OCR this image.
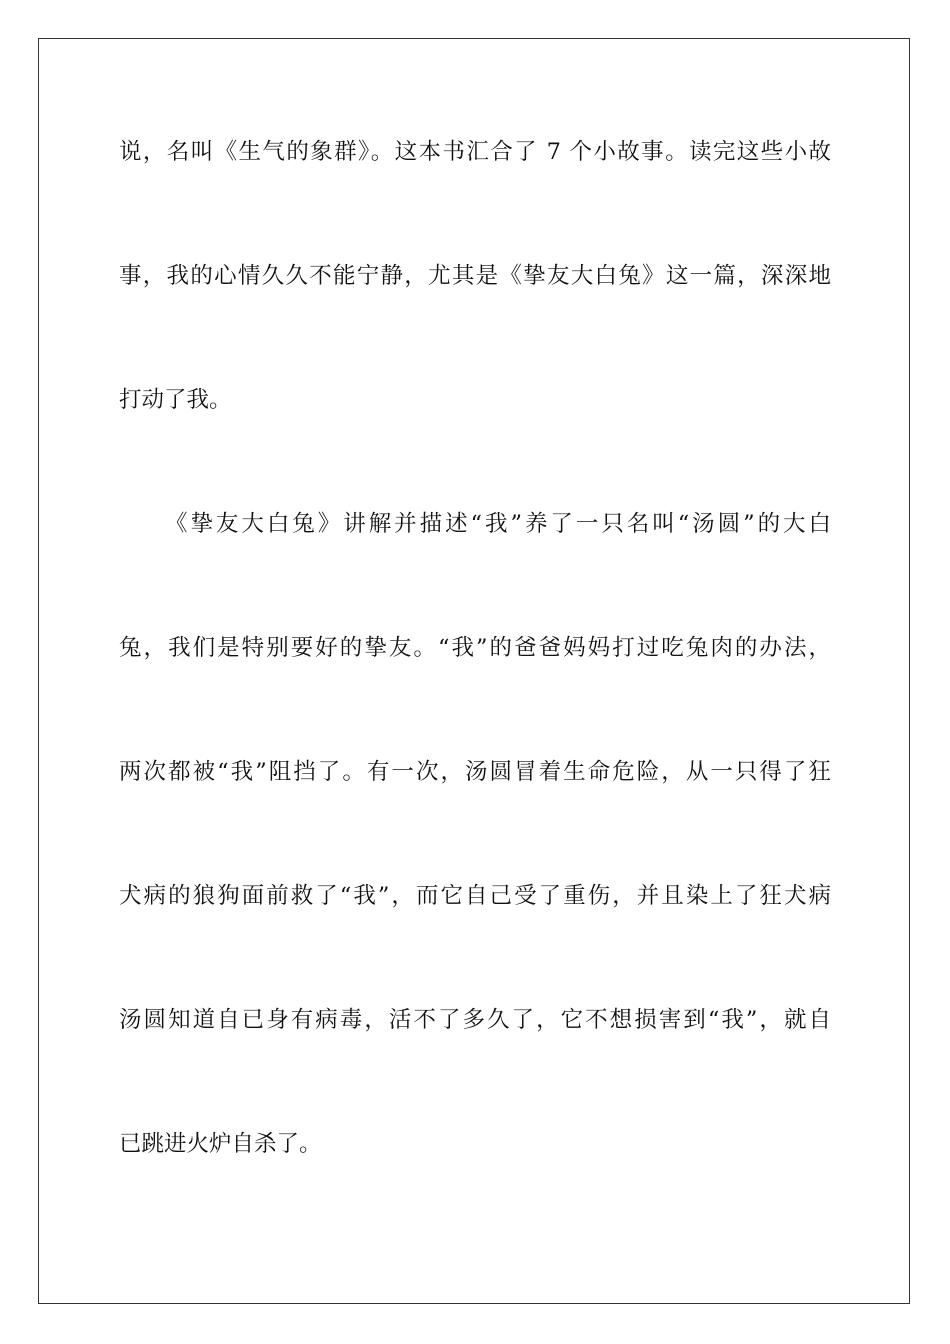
说，名叫《生气的象群》。这本书汇合了 7 个小故事。读完这些小故
事，我的心情久久不能宁静，尤其是《挚友大白兔》这一篇，深深地
打动了我。
《挚友大白兔》讲解并描述“我”养了一只名叫“汤圆”的大白
兔，我们是特别要好的挚友。“我”的爸爸妈妈打过吃兔肉的办法，
两次都被“我”阻挡了。有一次，汤圆冒着生命危险，从一只得了狂
犬病的狼狗面前救了“我”，而它自己受了重伤，并且染上了狂犬病
汤圆知道自已身有病毒，活不了多久了，它不想损害到“我”，就自
已跳进火炉自杀了。
